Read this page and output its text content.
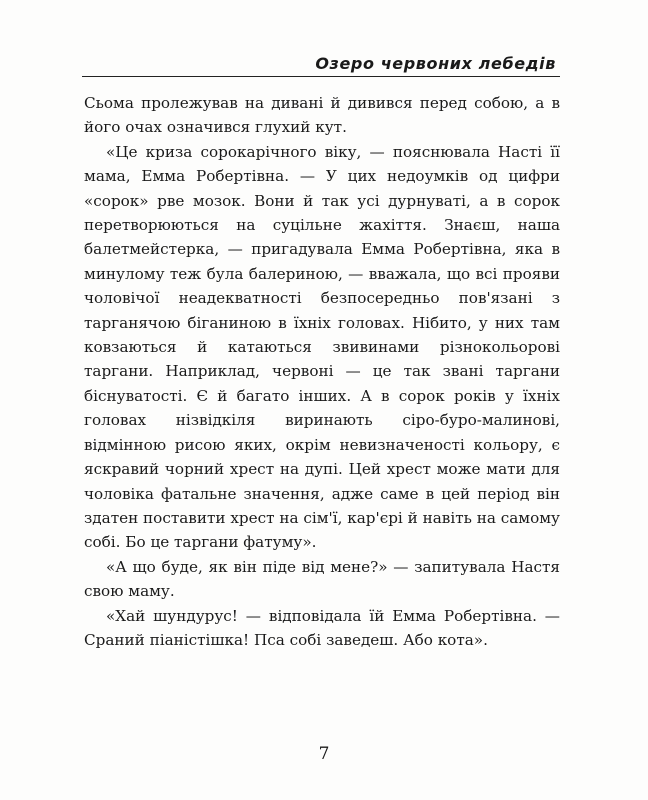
Озеро червоних лебедів

Сьома пролежував на дивані й дивився перед собою, а в його очах означився глухий кут.

«Це криза сорокарічного віку, — пояснювала Насті її мама, Емма Робертівна. — У цих недоумків од цифри «сорок» рве мозок. Вони й так усі дурнуваті, а в сорок перетворюються на суцільне жахіття. Знаєш, наша балетмейстерка, — пригадувала Емма Робертівна, яка в минулому теж була балериною, — вважала, що всі прояви чоловічої неадекватності безпосередньо пов'язані з тарганячою біганиною в їхніх головах. Нібито, у них там ковзаються й катаються звивинами різнокольорові таргани. Наприклад, червоні — це так звані таргани біснуватості. Є й багато інших. А в сорок років у їхніх головах нізвідкіля виринають сіро-буро-малинові, відмінною рисою яких, окрім невизначеності кольору, є яскравий чорний хрест на дупі. Цей хрест може мати для чоловіка фатальне значення, адже саме в цей період він здатен поставити хрест на сім'ї, кар'єрі й навіть на самому собі. Бо це таргани фатуму».

«А що буде, як він піде від мене?» — запитувала Настя свою маму.

«Хай шундурус! — відповідала їй Емма Робертівна. — Сраний піаністішка! Пса собі заведеш. Або кота».

7
